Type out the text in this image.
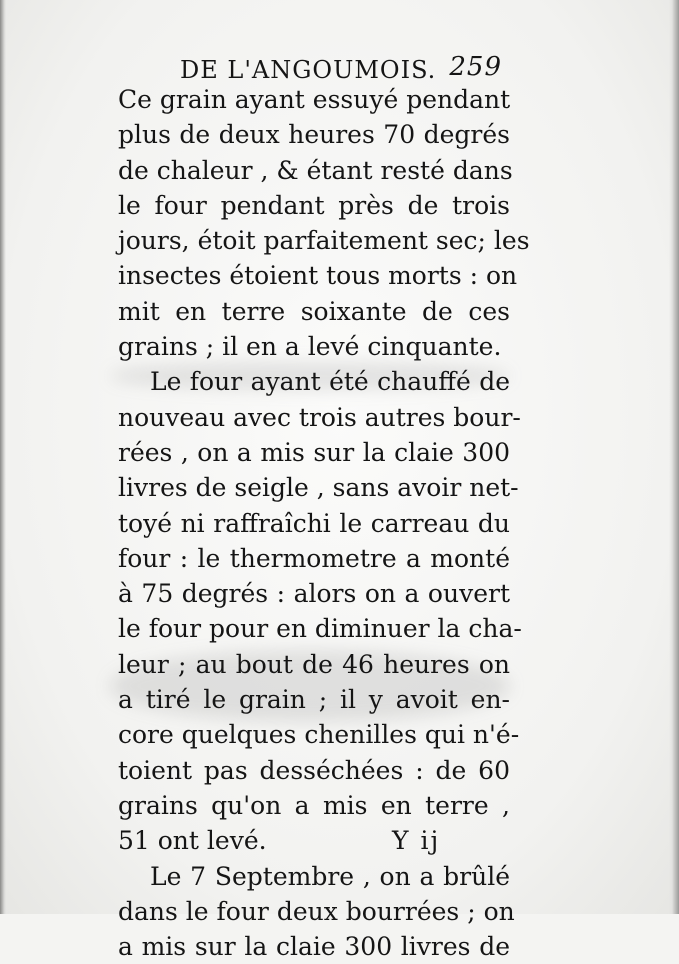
DE L'ANGOUMOIS. 259
Ce grain ayant essuyé pendant
plus de deux heures 70 degrés
de chaleur , & étant resté dans
le four pendant près de trois
jours, étoit parfaitement sec; les
insectes étoient tous morts : on
mit en terre soixante de ces
grains ; il en a levé cinquante.
Le four ayant été chauffé de
nouveau avec trois autres bour-
rées , on a mis sur la claie 300
livres de seigle , sans avoir net-
toyé ni raffraîchi le carreau du
four : le thermometre a monté
à 75 degrés : alors on a ouvert
le four pour en diminuer la cha-
leur ; au bout de 46 heures on
a tiré le grain ; il y avoit en-
core quelques chenilles qui n'é-
toient pas desséchées : de 60
grains qu'on a mis en terre ,
51 ont levé.
Le 7 Septembre , on a brûlé
dans le four deux bourrées ; on
a mis sur la claie 300 livres de
Y ij
